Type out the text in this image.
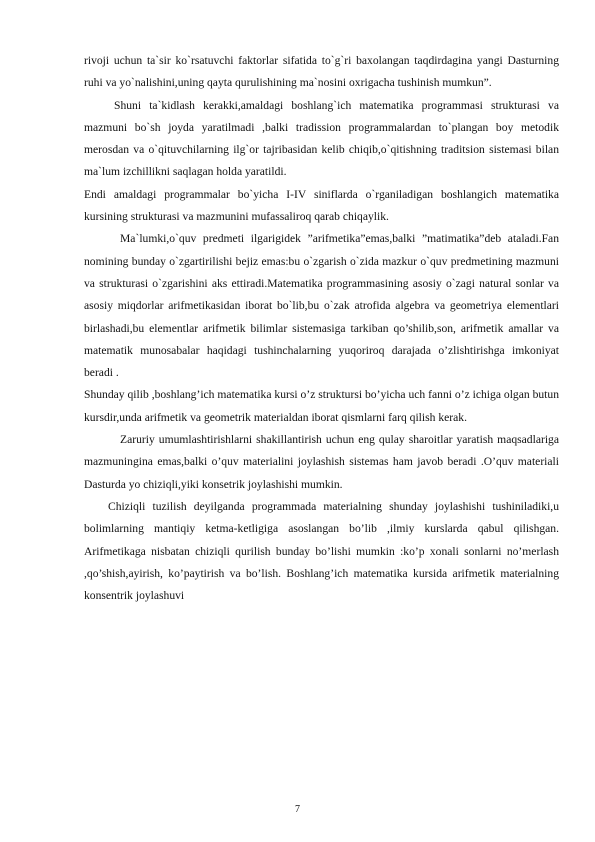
rivoji uchun ta`sir ko`rsatuvchi faktorlar sifatida to`g`ri baxolangan taqdirdagina yangi Dasturning ruhi va yo`nalishini,uning qayta qurulishining ma`nosini oxrigacha tushinish mumkun”.

Shuni ta`kidlash kerakki,amaldagi boshlang`ich matematika programmasi strukturasi va mazmuni bo`sh joyda yaratilmadi ,balki tradission programmalardan to`plangan boy metodik merosdan va o`qituvchilarning ilg`or tajribasidan kelib chiqib,o`qitishning traditsion sistemasi bilan ma`lum izchillikni saqlagan holda yaratildi.

Endi amaldagi programmalar bo`yicha I-IV siniflarda o`rganiladigan boshlangich matematika kursining strukturasi va mazmunini mufassaliroq qarab chiqaylik.

Ma`lumki,o`quv predmeti ilgarigidek ”arifmetika”emas,balki ”matimatika”deb ataladi.Fan nomining bunday o`zgartirilishi bejiz emas:bu o`zgarish o`zida mazkur o`quv predmetining mazmuni va strukturasi o`zgarishini aks ettiradi.Matematika programmasining asosiy o`zagi natural sonlar va asosiy miqdorlar arifmetikasidan iborat bo`lib,bu o`zak atrofida algebra va geometriya elementlari birlashadi,bu elementlar arifmetik bilimlar sistemasiga tarkiban qo’shilib,son, arifmetik amallar va matematik munosabalar haqidagi tushinchalarning yuqoriroq darajada o’zlishtirishga imkoniyat beradi .

Shunday qilib ,boshlang’ich matematika kursi o’z struktursi bo’yicha uch fanni o’z ichiga olgan butun kursdir,unda arifmetik va geometrik materialdan iborat qismlarni farq qilish kerak.

Zaruriy umumlashtirishlarni shakillantirish uchun eng qulay sharoitlar yaratish maqsadlariga mazmuningina emas,balki o’quv materialini joylashish sistemas ham javob beradi .O’quv materiali Dasturda yo chiziqli,yiki konsetrik joylashishi mumkin.

Chiziqli tuzilish deyilganda programmada materialning shunday joylashishi tushiniladiki,u bolimlarning mantiqiy ketma-ketligiga asoslangan bo’lib ,ilmiy kurslarda qabul qilishgan. Arifmetikaga nisbatan chiziqli qurilish bunday bo’lishi mumkin :ko’p xonali sonlarni no’merlash ,qo’shish,ayirish, ko’paytirish va bo’lish. Boshlang’ich matematika kursida arifmetik materialning konsentrik joylashuvi

7
